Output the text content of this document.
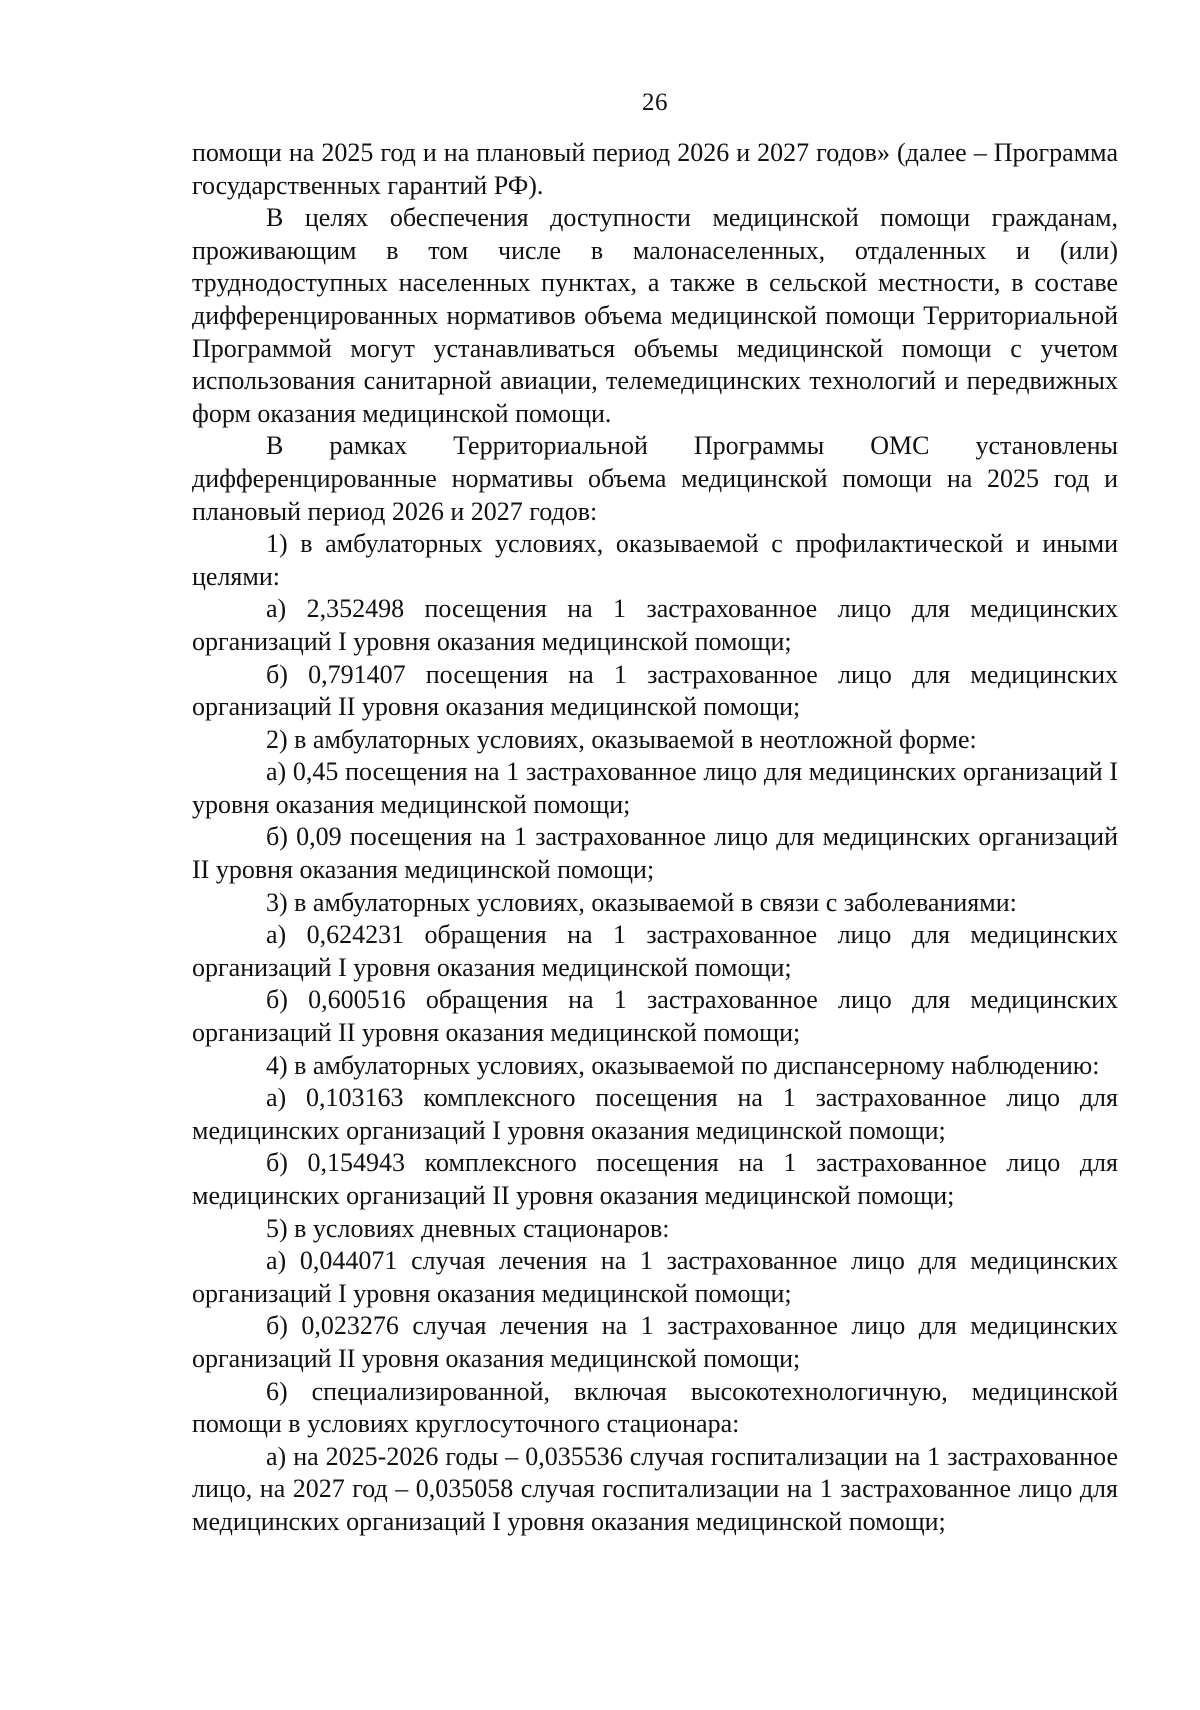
26

помощи на 2025 год и на плановый период 2026 и 2027 годов» (далее – Программа государственных гарантий РФ).

В целях обеспечения доступности медицинской помощи гражданам, проживающим в том числе в малонаселенных, отдаленных и (или) труднодоступных населенных пунктах, а также в сельской местности, в составе дифференцированных нормативов объема медицинской помощи Территориальной Программой могут устанавливаться объемы медицинской помощи с учетом использования санитарной авиации, телемедицинских технологий и передвижных форм оказания медицинской помощи.

В рамках Территориальной Программы ОМС установлены дифференцированные нормативы объема медицинской помощи на 2025 год и плановый период 2026 и 2027 годов:

1) в амбулаторных условиях, оказываемой с профилактической и иными целями:

а) 2,352498 посещения на 1 застрахованное лицо для медицинских организаций I уровня оказания медицинской помощи;

б) 0,791407 посещения на 1 застрахованное лицо для медицинских организаций II уровня оказания медицинской помощи;

2) в амбулаторных условиях, оказываемой в неотложной форме:

а) 0,45 посещения на 1 застрахованное лицо для медицинских организаций I уровня оказания медицинской помощи;

б) 0,09 посещения на 1 застрахованное лицо для медицинских организаций II уровня оказания медицинской помощи;

3) в амбулаторных условиях, оказываемой в связи с заболеваниями:

а) 0,624231 обращения на 1 застрахованное лицо для медицинских организаций I уровня оказания медицинской помощи;

б) 0,600516 обращения на 1 застрахованное лицо для медицинских организаций II уровня оказания медицинской помощи;

4) в амбулаторных условиях, оказываемой по диспансерному наблюдению:

а) 0,103163 комплексного посещения на 1 застрахованное лицо для медицинских организаций I уровня оказания медицинской помощи;

б) 0,154943 комплексного посещения на 1 застрахованное лицо для медицинских организаций II уровня оказания медицинской помощи;

5) в условиях дневных стационаров:

а) 0,044071 случая лечения на 1 застрахованное лицо для медицинских организаций I уровня оказания медицинской помощи;

б) 0,023276 случая лечения на 1 застрахованное лицо для медицинских организаций II уровня оказания медицинской помощи;

6) специализированной, включая высокотехнологичную, медицинской помощи в условиях круглосуточного стационара:

а) на 2025-2026 годы – 0,035536 случая госпитализации на 1 застрахованное лицо, на 2027 год – 0,035058 случая госпитализации на 1 застрахованное лицо для медицинских организаций I уровня оказания медицинской помощи;
